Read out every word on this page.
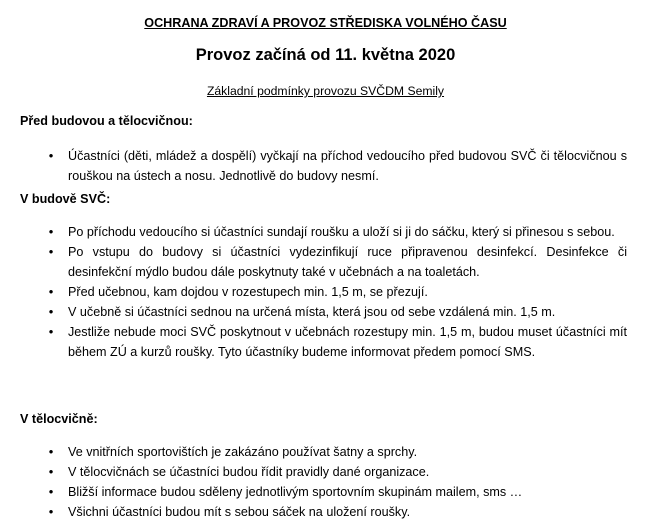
OCHRANA ZDRAVÍ A PROVOZ STŘEDISKA VOLNÉHO ČASU
Provoz začíná od 11. května 2020
Základní podmínky provozu SVČDM Semily
Před budovou a tělocvičnou:
• Účastníci (děti, mládež a dospělí) vyčkají na příchod vedoucího před budovou SVČ či tělocvičnou s rouškou na ústech a nosu. Jednotlivě do budovy nesmí.
V budově SVČ:
• Po příchodu vedoucího si účastníci sundají roušku a uloží si ji do sáčku, který si přinesou s sebou.
• Po vstupu do budovy si účastníci vydezinfikují ruce připravenou desinfekcí. Desinfekce či desinfekční mýdlo budou dále poskytnuty také v učebnách a na toaletách.
• Před učebnou, kam dojdou v rozestupech min. 1,5 m, se přezují.
• V učebně si účastníci sednou na určená místa, která jsou od sebe vzdálená min. 1,5 m.
• Jestliže nebude moci SVČ poskytnout v učebnách rozestupy min. 1,5 m, budou muset účastníci mít během ZÚ a kurzů roušky. Tyto účastníky budeme informovat předem pomocí SMS.
V tělocvičně:
• Ve vnitřních sportovištích je zakázáno používat šatny a sprchy.
• V tělocvičnách se účastníci budou řídit pravidly dané organizace.
• Bližší informace budou sděleny jednotlivým sportovním skupinám mailem, sms …
• Všichni účastníci budou mít s sebou sáček na uložení roušky.
